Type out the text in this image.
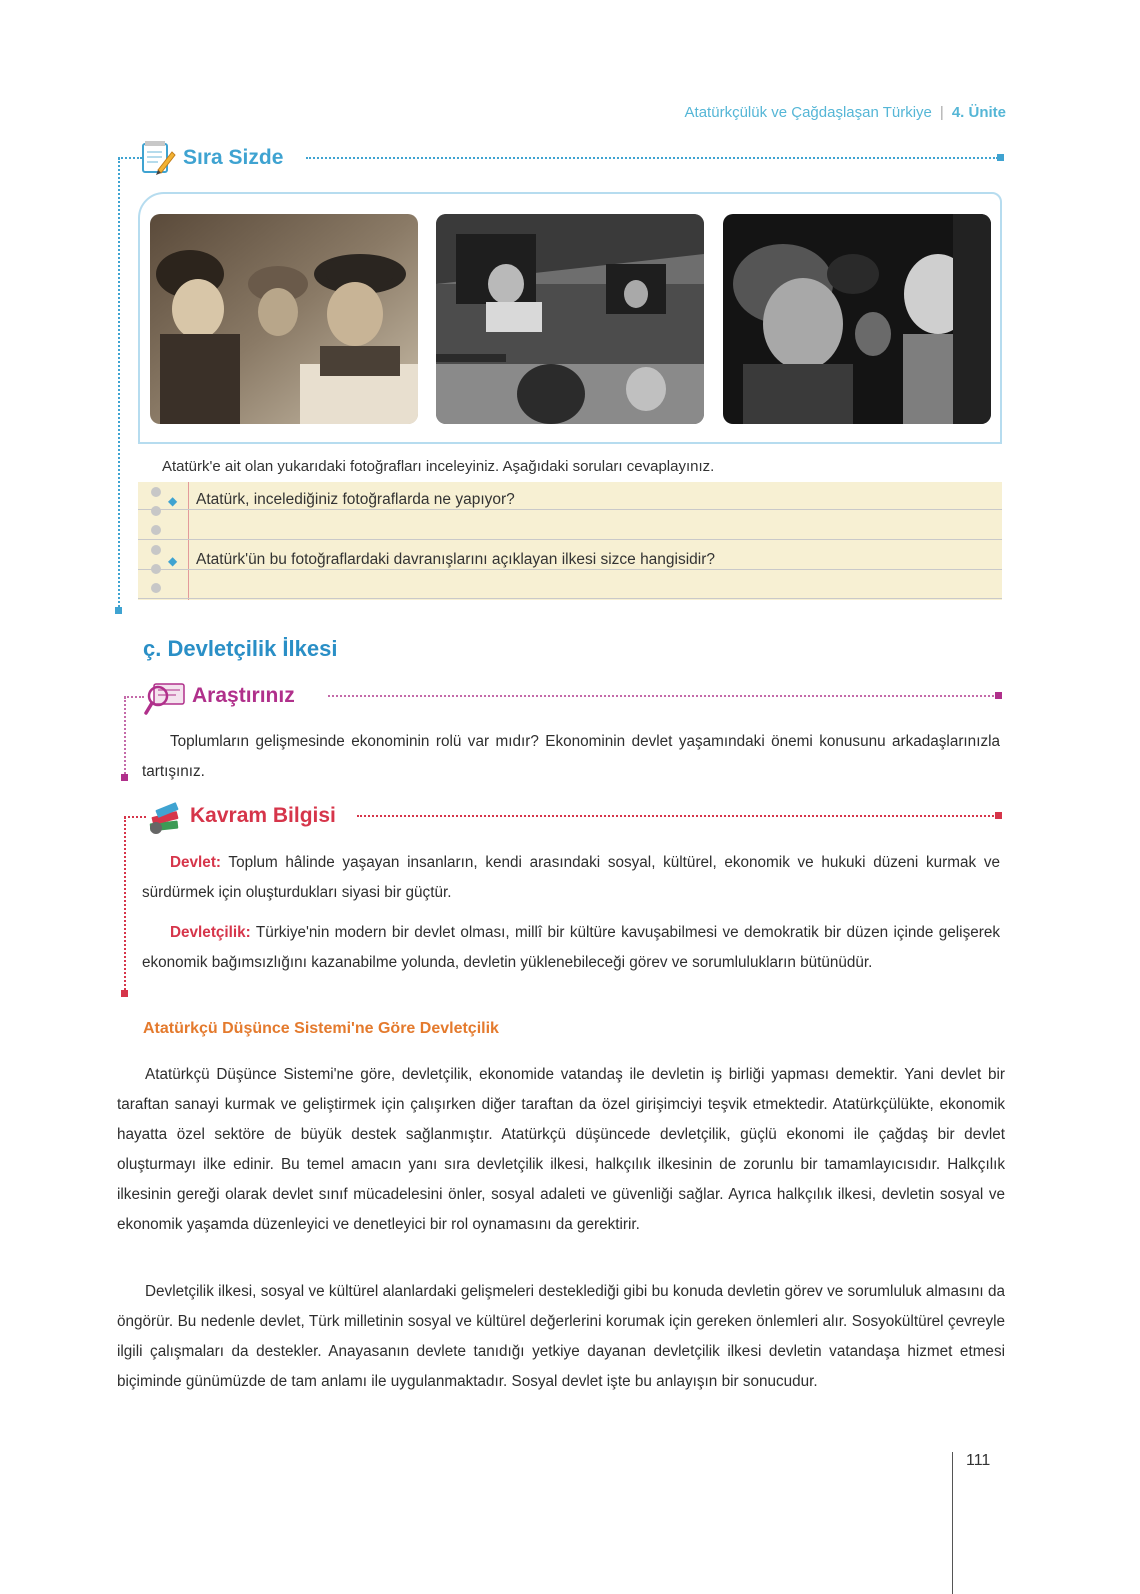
Atatürkçülük ve Çağdaşlaşan Türkiye | 4. Ünite
Sıra Sizde
Atatürk'e ait olan yukarıdaki fotoğrafları inceleyiniz. Aşağıdaki soruları cevaplayınız.
◆ Atatürk, incelediğiniz fotoğraflarda ne yapıyor?
◆ Atatürk'ün bu fotoğraflardaki davranışlarını açıklayan ilkesi sizce hangisidir?
ç. Devletçilik İlkesi
Araştırınız
Toplumların gelişmesinde ekonominin rolü var mıdır? Ekonominin devlet yaşamındaki önemi konusunu arkadaşlarınızla tartışınız.
Kavram Bilgisi
Devlet: Toplum hâlinde yaşayan insanların, kendi arasındaki sosyal, kültürel, ekonomik ve hukuki düzeni kurmak ve sürdürmek için oluşturdukları siyasi bir güçtür.
Devletçilik: Türkiye'nin modern bir devlet olması, millî bir kültüre kavuşabilmesi ve demokratik bir düzen içinde gelişerek ekonomik bağımsızlığını kazanabilme yolunda, devletin yüklenebileceği görev ve sorumlulukların bütünüdür.
Atatürkçü Düşünce Sistemi'ne Göre Devletçilik
Atatürkçü Düşünce Sistemi'ne göre, devletçilik, ekonomide vatandaş ile devletin iş birliği yapması demektir. Yani devlet bir taraftan sanayi kurmak ve geliştirmek için çalışırken diğer taraftan da özel girişimciyi teşvik etmektedir. Atatürkçülükte, ekonomik hayatta özel sektöre de büyük destek sağlanmıştır. Atatürkçü düşüncede devletçilik, güçlü ekonomi ile çağdaş bir devlet oluşturmayı ilke edinir. Bu temel amacın yanı sıra devletçilik ilkesi, halkçılık ilkesinin de zorunlu bir tamamlayıcısıdır. Halkçılık ilkesinin gereği olarak devlet sınıf mücadelesini önler, sosyal adaleti ve güvenliği sağlar. Ayrıca halkçılık ilkesi, devletin sosyal ve ekonomik yaşamda düzenleyici ve denetleyici bir rol oynamasını da gerektirir.
Devletçilik ilkesi, sosyal ve kültürel alanlardaki gelişmeleri desteklediği gibi bu konuda devletin görev ve sorumluluk almasını da öngörür. Bu nedenle devlet, Türk milletinin sosyal ve kültürel değerlerini korumak için gereken önlemleri alır. Sosyokültürel çevreyle ilgili çalışmaları da destekler. Anayasanın devlete tanıdığı yetkiye dayanan devletçilik ilkesi devletin vatandaşa hizmet etmesi biçiminde günümüzde de tam anlamı ile uygulanmaktadır. Sosyal devlet işte bu anlayışın bir sonucudur.
111
